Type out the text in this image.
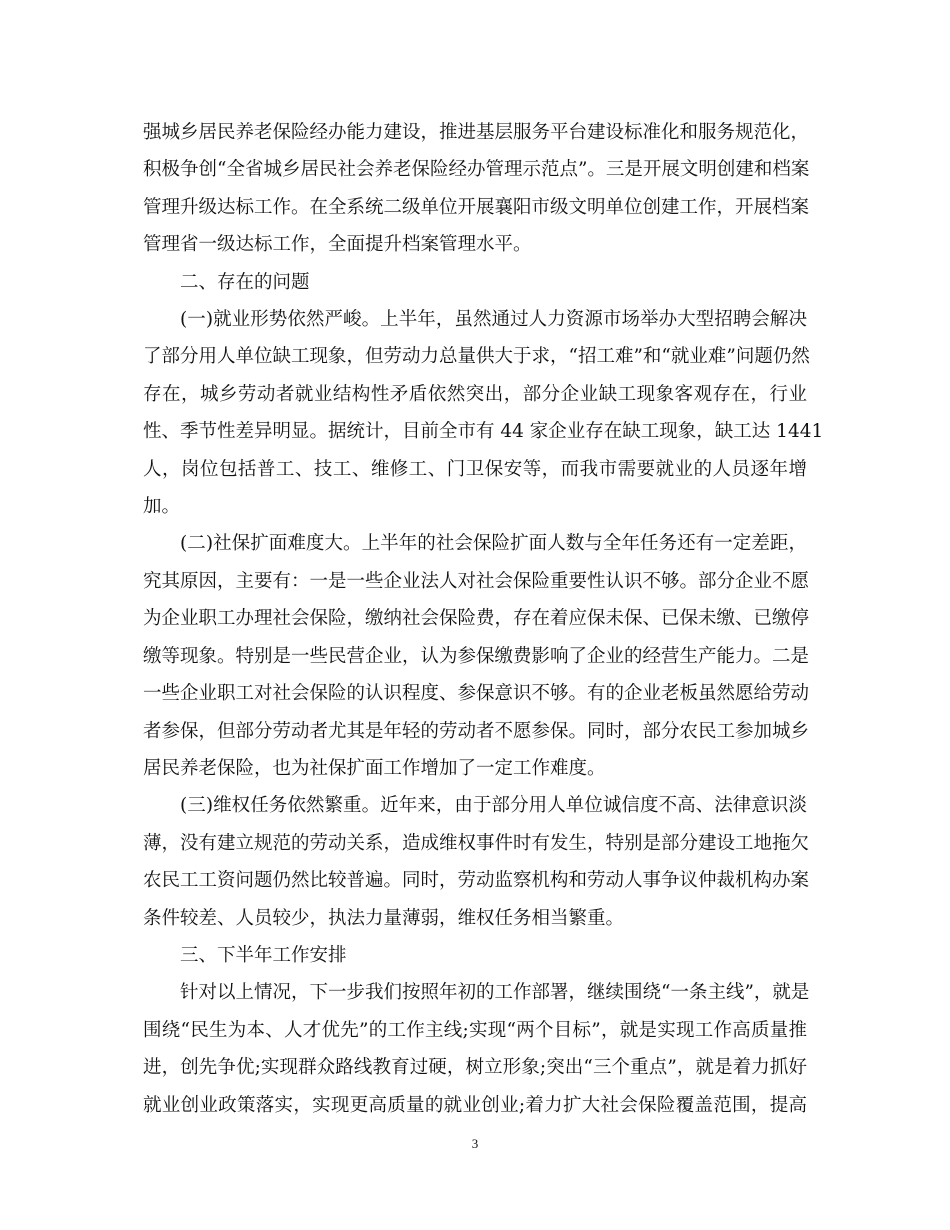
强城乡居民养老保险经办能力建设，推进基层服务平台建设标准化和服务规范化，
积极争创“全省城乡居民社会养老保险经办管理示范点”。三是开展文明创建和档案
管理升级达标工作。在全系统二级单位开展襄阳市级文明单位创建工作，开展档案
管理省一级达标工作，全面提升档案管理水平。
二、存在的问题
(一)就业形势依然严峻。上半年，虽然通过人力资源市场举办大型招聘会解决
了部分用人单位缺工现象，但劳动力总量供大于求，“招工难”和“就业难”问题仍然
存在，城乡劳动者就业结构性矛盾依然突出，部分企业缺工现象客观存在，行业
性、季节性差异明显。据统计，目前全市有 44 家企业存在缺工现象，缺工达 1441
人，岗位包括普工、技工、维修工、门卫保安等，而我市需要就业的人员逐年增
加。
(二)社保扩面难度大。上半年的社会保险扩面人数与全年任务还有一定差距，
究其原因，主要有：一是一些企业法人对社会保险重要性认识不够。部分企业不愿
为企业职工办理社会保险，缴纳社会保险费，存在着应保未保、已保未缴、已缴停
缴等现象。特别是一些民营企业，认为参保缴费影响了企业的经营生产能力。二是
一些企业职工对社会保险的认识程度、参保意识不够。有的企业老板虽然愿给劳动
者参保，但部分劳动者尤其是年轻的劳动者不愿参保。同时，部分农民工参加城乡
居民养老保险，也为社保扩面工作增加了一定工作难度。
(三)维权任务依然繁重。近年来，由于部分用人单位诚信度不高、法律意识淡
薄，没有建立规范的劳动关系，造成维权事件时有发生，特别是部分建设工地拖欠
农民工工资问题仍然比较普遍。同时，劳动监察机构和劳动人事争议仲裁机构办案
条件较差、人员较少，执法力量薄弱，维权任务相当繁重。
三、下半年工作安排
针对以上情况，下一步我们按照年初的工作部署，继续围绕“一条主线”，就是
围绕“民生为本、人才优先”的工作主线;实现“两个目标”，就是实现工作高质量推
进，创先争优;实现群众路线教育过硬，树立形象;突出“三个重点”，就是着力抓好
就业创业政策落实，实现更高质量的就业创业;着力扩大社会保险覆盖范围，提高
3
